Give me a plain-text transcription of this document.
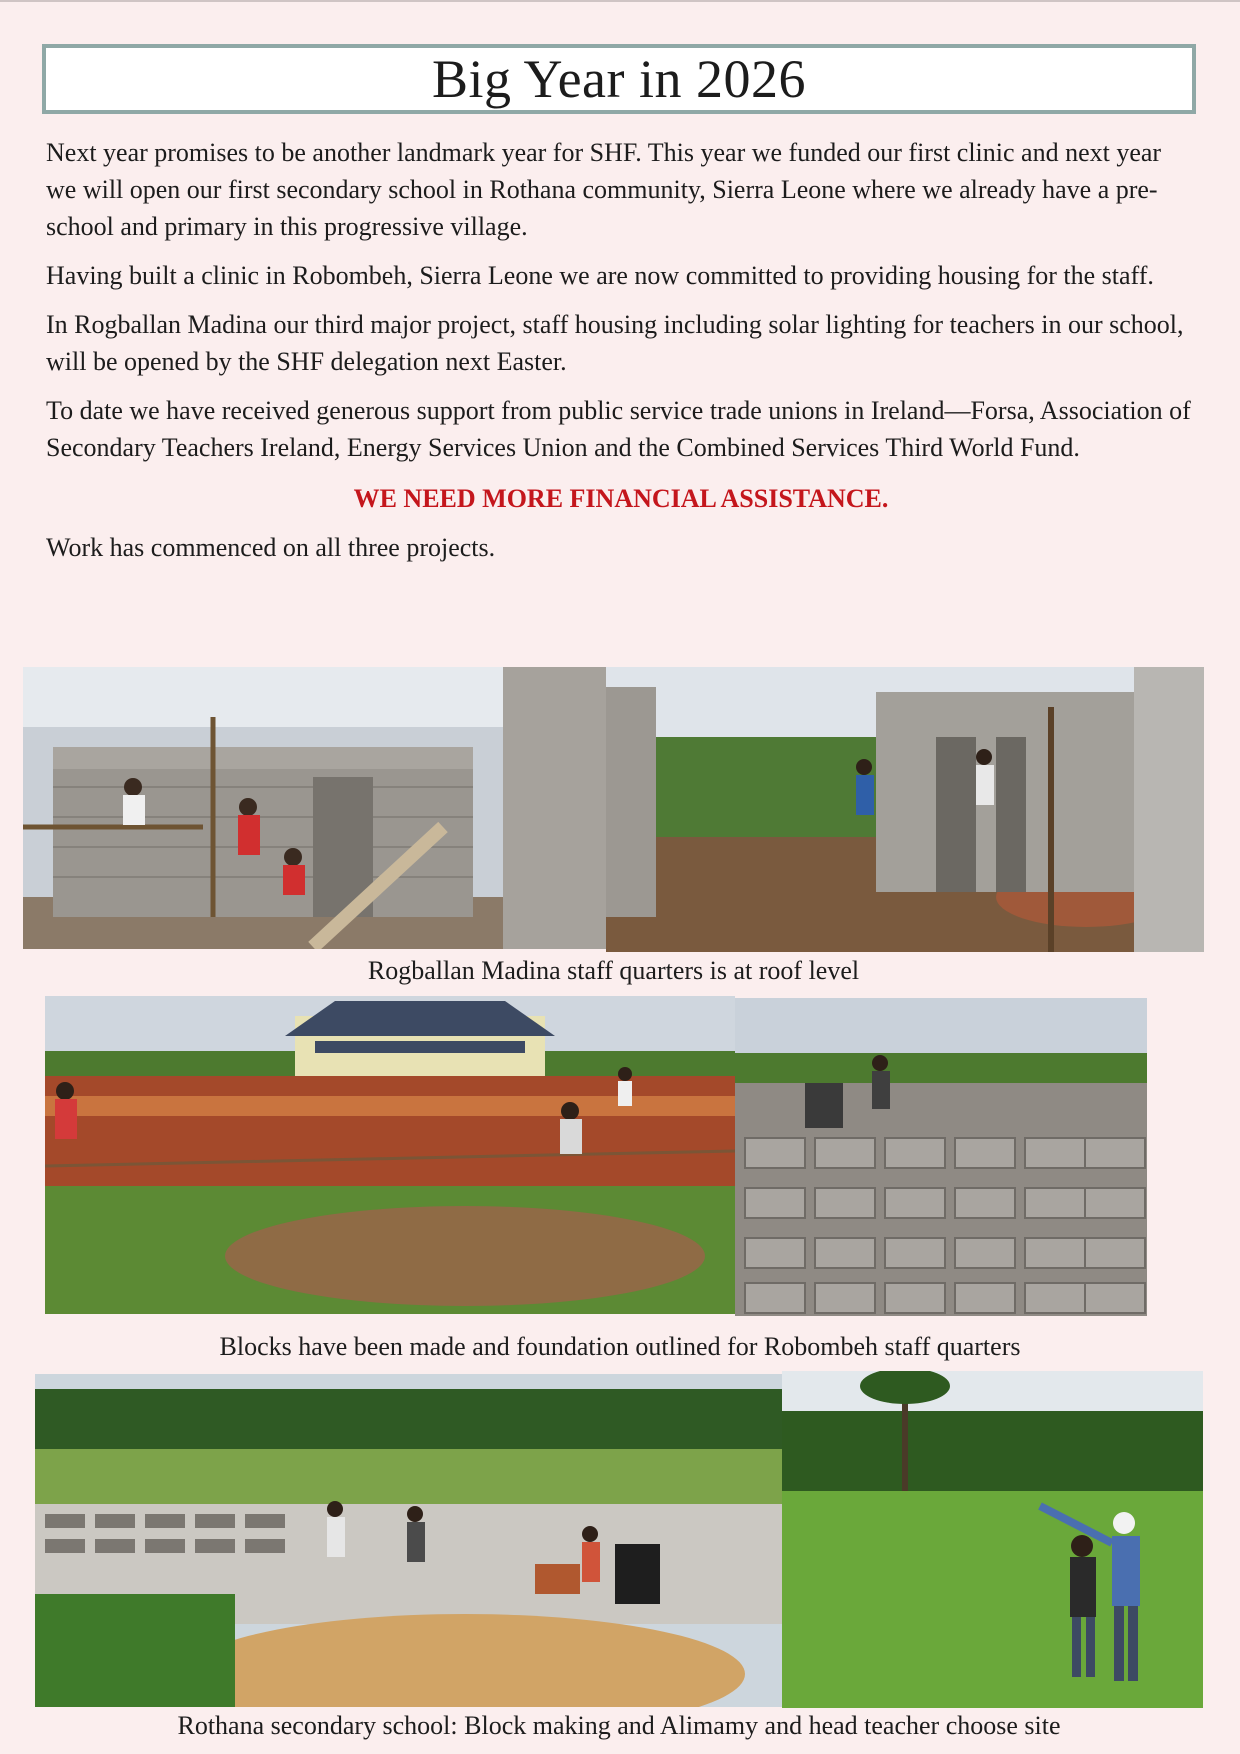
Big Year in 2026

Next year promises to be another landmark year for SHF. This year we funded our first clinic and next year we will open our first secondary school in Rothana community, Sierra Leone where we already have a pre-school and primary in this progressive village.

Having built a clinic in Robombeh, Sierra Leone we are now committed to providing housing for the staff.

In Rogballan Madina our third major project, staff housing including solar lighting for teachers in our school, will be opened by the SHF delegation next Easter.

To date we have received generous support from public service trade unions in Ireland—Forsa, Association of Secondary Teachers Ireland, Energy Services Union and the Combined Services Third World Fund.

WE NEED MORE FINANCIAL ASSISTANCE.

Work has commenced on all three projects.

Rogballan Madina staff quarters is at roof level
Blocks have been made and foundation outlined for Robombeh staff quarters
Rothana secondary school: Block making and Alimamy and head teacher choose site
